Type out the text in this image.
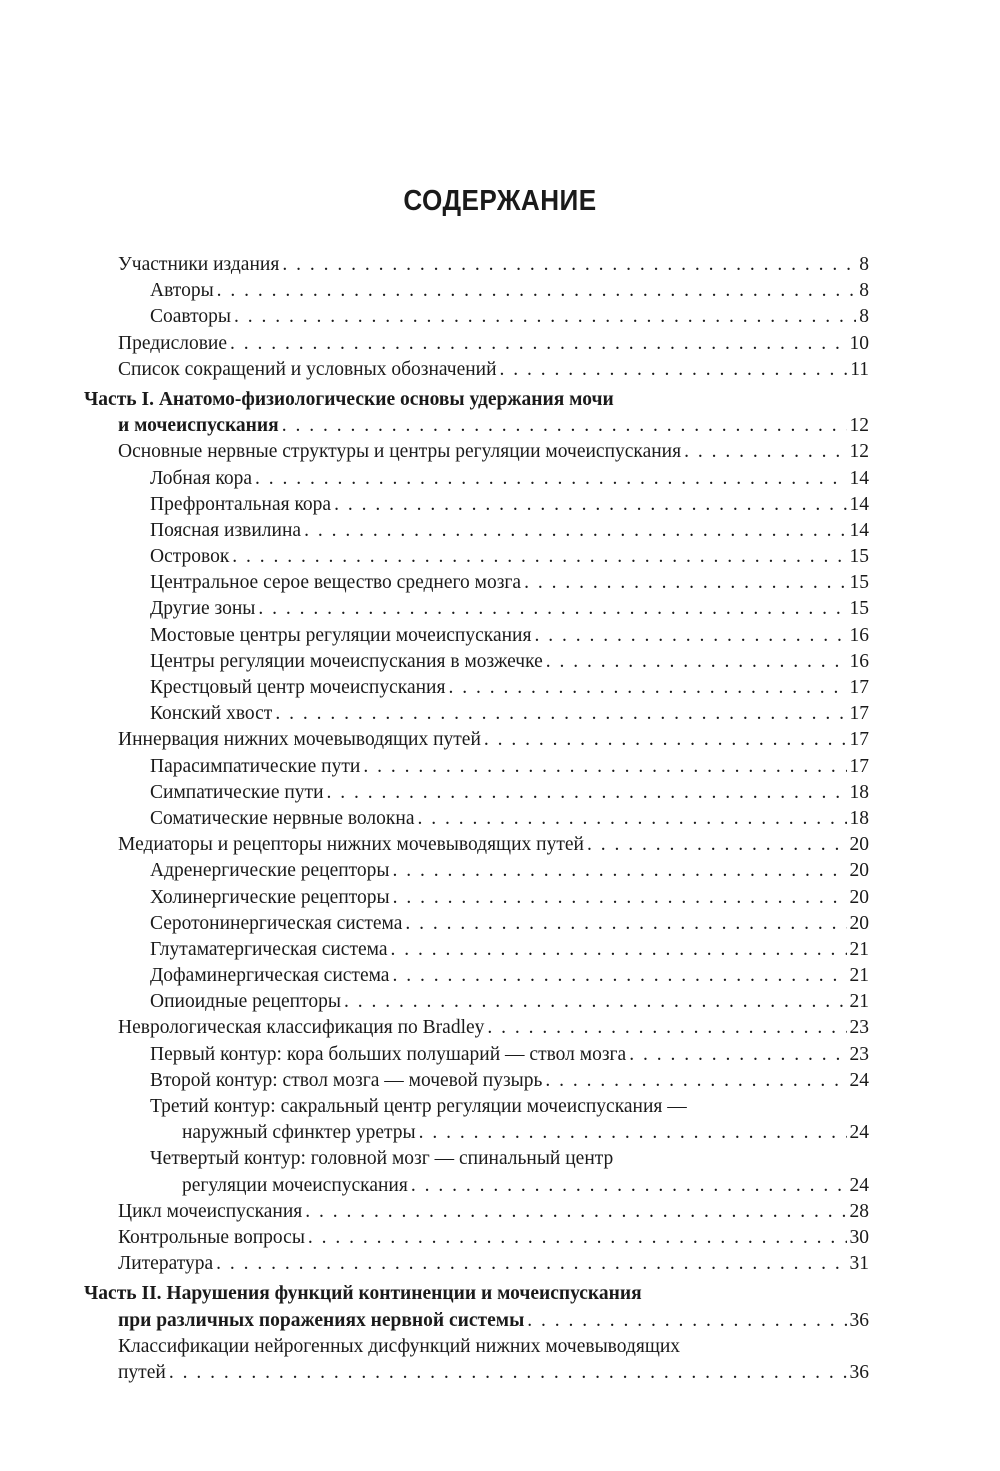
СОДЕРЖАНИЕ
Участники издания . . .	8
Авторы . . .	8
Соавторы . . .	8
Предисловие . . .	10
Список сокращений и условных обозначений . . .	11
Часть I. Анатомо-физиологические основы удержания мочи
и мочеиспускания . . .	12
Основные нервные структуры и центры регуляции мочеиспускания . . .	12
Лобная кора . . .	14
Префронтальная кора . . .	14
Поясная извилина . . .	14
Островок . . .	15
Центральное серое вещество среднего мозга . . .	15
Другие зоны . . .	15
Мостовые центры регуляции мочеиспускания . . .	16
Центры регуляции мочеиспускания в мозжечке . . .	16
Крестцовый центр мочеиспускания . . .	17
Конский хвост . . .	17
Иннервация нижних мочевыводящих путей . . .	17
Парасимпатические пути . . .	17
Симпатические пути . . .	18
Соматические нервные волокна . . .	18
Медиаторы и рецепторы нижних мочевыводящих путей . . .	20
Адренергические рецепторы . . .	20
Холинергические рецепторы . . .	20
Серотонинергическая система . . .	20
Глутаматергическая система . . .	21
Дофаминергическая система . . .	21
Опиоидные рецепторы . . .	21
Неврологическая классификация по Bradley . . .	23
Первый контур: кора больших полушарий — ствол мозга . . .	23
Второй контур: ствол мозга — мочевой пузырь . . .	24
Третий контур: сакральный центр регуляции мочеиспускания —
наружный сфинктер уретры . . .	24
Четвертый контур: головной мозг — спинальный центр
регуляции мочеиспускания . . .	24
Цикл мочеиспускания . . .	28
Контрольные вопросы . . .	30
Литература . . .	31
Часть II. Нарушения функций континенции и мочеиспускания
при различных поражениях нервной системы . . .	36
Классификации нейрогенных дисфункций нижних мочевыводящих
путей . . .	36
